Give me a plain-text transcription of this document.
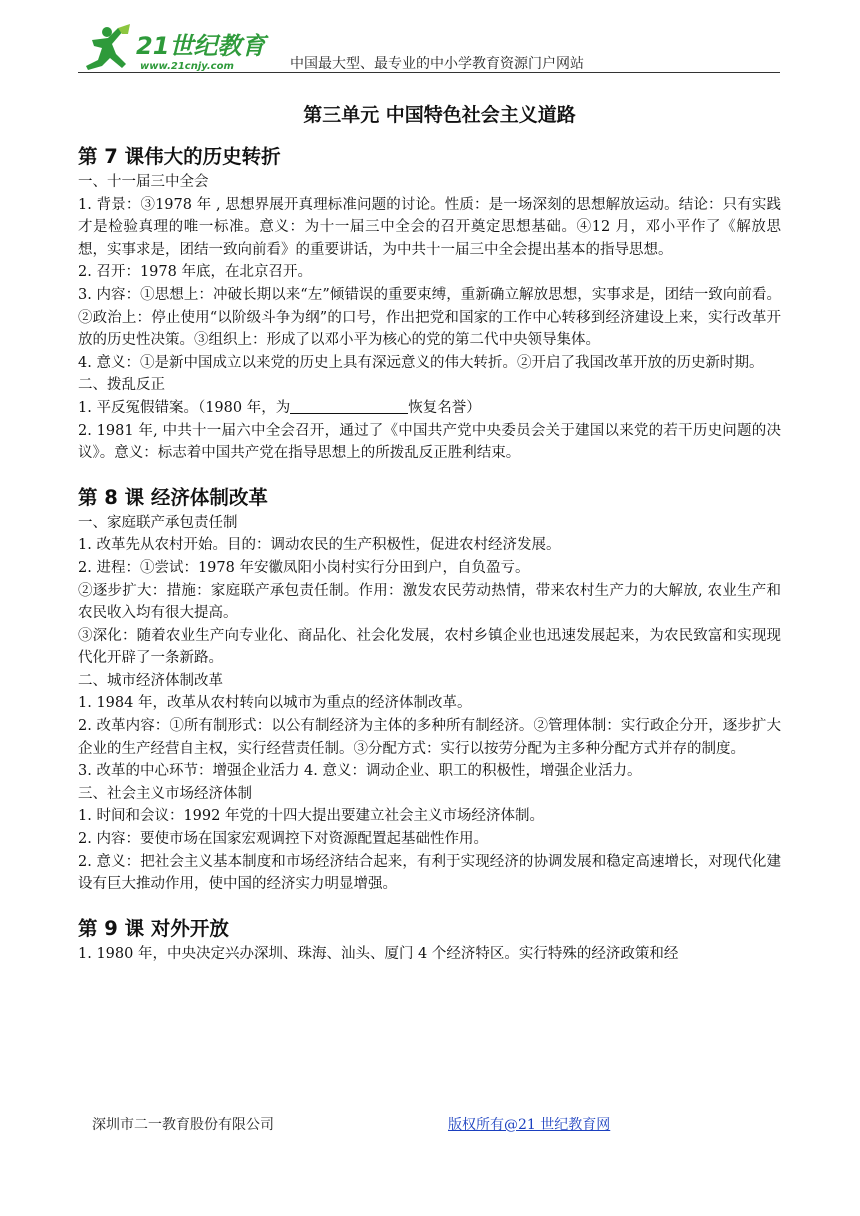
21世纪教育
www.21cnjy.com	中国最大型、最专业的中小学教育资源门户网站
第三单元 中国特色社会主义道路
第 7 课伟大的历史转折

一、十一届三中全会

1. 背景：③1978 年 , 思想界展开真理标准问题的讨论。性质：是一场深刻的思想解放运动。结论：只有实践才是检验真理的唯一标准。意义：为十一届三中全会的召开奠定思想基础。④12 月，邓小平作了《解放思想，实事求是，团结一致向前看》的重要讲话，为中共十一届三中全会提出基本的指导思想。

2. 召开：1978 年底，在北京召开。

3. 内容：①思想上：冲破长期以来“左”倾错误的重要束缚，重新确立解放思想，实事求是，团结一致向前看。②政治上：停止使用“以阶级斗争为纲”的口号，作出把党和国家的工作中心转移到经济建设上来，实行改革开放的历史性决策。③组织上：形成了以邓小平为核心的党的第二代中央领导集体。

4. 意义：①是新中国成立以来党的历史上具有深远意义的伟大转折。②开启了我国改革开放的历史新时期。

二、拨乱反正

1. 平反冤假错案。（1980 年，为	恢复名誉）

2. 1981 年, 中共十一届六中全会召开，通过了《中国共产党中央委员会关于建国以来党的若干历史问题的决议》。意义：标志着中国共产党在指导思想上的所拨乱反正胜利结束。

第 8 课 经济体制改革

一、家庭联产承包责任制

1. 改革先从农村开始。目的：调动农民的生产积极性，促进农村经济发展。

2. 进程：①尝试：1978 年安徽凤阳小岗村实行分田到户，自负盈亏。

②逐步扩大：措施：家庭联产承包责任制。作用：激发农民劳动热情，带来农村生产力的大解放, 农业生产和农民收入均有很大提高。

③深化：随着农业生产向专业化、商品化、社会化发展，农村乡镇企业也迅速发展起来，为农民致富和实现现代化开辟了一条新路。

二、城市经济体制改革

1. 1984 年，改革从农村转向以城市为重点的经济体制改革。

2. 改革内容：①所有制形式：以公有制经济为主体的多种所有制经济。②管理体制：实行政企分开，逐步扩大企业的生产经营自主权，实行经营责任制。③分配方式：实行以按劳分配为主多种分配方式并存的制度。

3. 改革的中心环节：增强企业活力 4. 意义：调动企业、职工的积极性，增强企业活力。

三、社会主义市场经济体制

1. 时间和会议：1992 年党的十四大提出要建立社会主义市场经济体制。

2. 内容：要使市场在国家宏观调控下对资源配置起基础性作用。

2. 意义：把社会主义基本制度和市场经济结合起来，有利于实现经济的协调发展和稳定高速增长，对现代化建设有巨大推动作用，使中国的经济实力明显增强。

第 9 课 对外开放

1. 1980 年，中央决定兴办深圳、珠海、汕头、厦门 4 个经济特区。实行特殊的经济政策和经

深圳市二一教育股份有限公司	版权所有@21 世纪教育网
